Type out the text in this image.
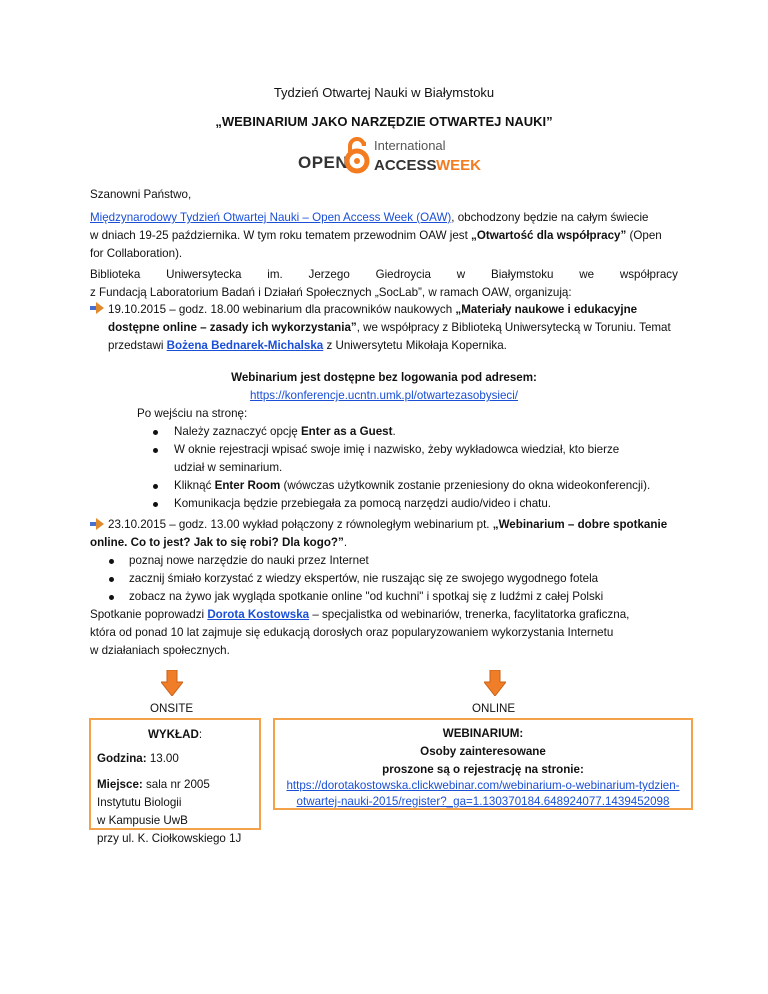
Tydzień Otwartej Nauki w Białymstoku
„WEBINARIUM JAKO NARZĘDZIE OTWARTEJ NAUKI”
OPEN
International
ACCESS WEEK
Szanowni Państwo,
Międzynarodowy Tydzień Otwartej Nauki – Open Access Week (OAW), obchodzony będzie na całym świecie
w dniach 19-25 października. W tym roku tematem przewodnim OAW jest „Otwartość dla współpracy” (Open
for Collaboration).
Biblioteka Uniwersytecka im. Jerzego Giedroycia w Białymstoku we współpracy
z Fundacją Laboratorium Badań i Działań Społecznych „SocLab”, w ramach OAW, organizują:
19.10.2015 – godz. 18.00 webinarium dla pracowników naukowych „Materiały naukowe i edukacyjne
dostępne online – zasady ich wykorzystania”, we współpracy z Biblioteką Uniwersytecką w Toruniu. Temat
przedstawi Bożena Bednarek-Michalska z Uniwersytetu Mikołaja Kopernika.
Webinarium jest dostępne bez logowania pod adresem:
https://konferencje.ucntn.umk.pl/otwartezasobysieci/
Po wejściu na stronę:
Należy zaznaczyć opcję Enter as a Guest.
W oknie rejestracji wpisać swoje imię i nazwisko, żeby wykładowca wiedział, kto bierze
udział w seminarium.
Kliknąć Enter Room (wówczas użytkownik zostanie przeniesiony do okna wideokonferencji).
Komunikacja będzie przebiegała za pomocą narzędzi audio/video i chatu.
23.10.2015 – godz. 13.00 wykład połączony z równoległym webinarium pt. „Webinarium – dobre spotkanie
online. Co to jest? Jak to się robi? Dla kogo?”.
poznaj nowe narzędzie do nauki przez Internet
zacznij śmiało korzystać z wiedzy ekspertów, nie ruszając się ze swojego wygodnego fotela
zobacz na żywo jak wygląda spotkanie online "od kuchni" i spotkaj się z ludźmi z całej Polski
Spotkanie poprowadzi Dorota Kostowska – specjalistka od webinariów, trenerka, facylitatorka graficzna,
która od ponad 10 lat zajmuje się edukacją dorosłych oraz popularyzowaniem wykorzystania Internetu
w działaniach społecznych.
ONSITE	ONLINE
WYKŁAD:
Godzina: 13.00
Miejsce: sala nr 2005
Instytutu Biologii
w Kampusie UwB
przy ul. K. Ciołkowskiego 1J
WEBINARIUM:
Osoby zainteresowane
proszone są o rejestrację na stronie:
https://dorotakostowska.clickwebinar.com/webinarium-o-webinarium-tydzien-
otwartej-nauki-2015/register?_ga=1.130370184.648924077.1439452098
